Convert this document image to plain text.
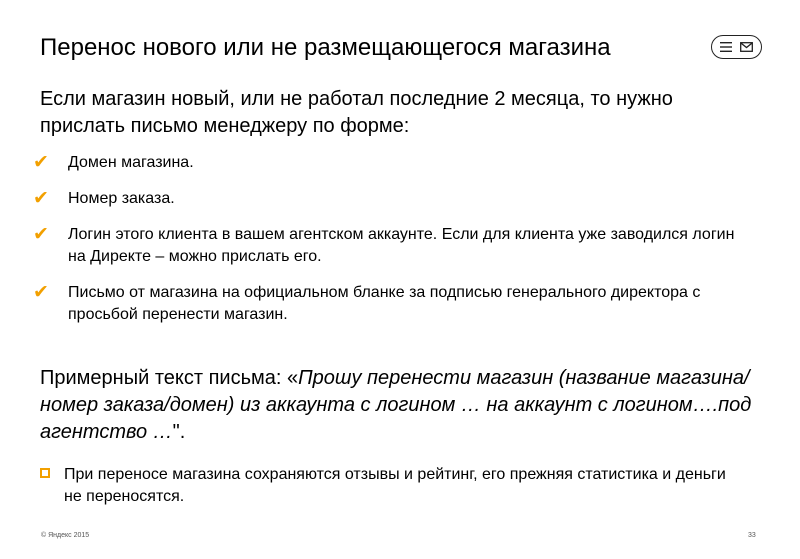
Перенос нового или не размещающегося магазина
Если магазин новый, или не работал последние 2 месяца, то нужно прислать письмо менеджеру по форме:
✔ Домен магазина.
✔ Номер заказа.
✔ Логин этого клиента в вашем агентском аккаунте. Если для клиента уже заводился логин на Директе – можно прислать его.
✔ Письмо от магазина на официальном бланке за подписью генерального директора с просьбой перенести магазин.
Примерный текст письма: «Прошу перенести магазин (название магазина/номер заказа/домен) из аккаунта с логином … на аккаунт с логином….под агентство …".
При переносе магазина сохраняются отзывы и рейтинг, его прежняя статистика и деньги не переносятся.
© Яндекс 2015	33
